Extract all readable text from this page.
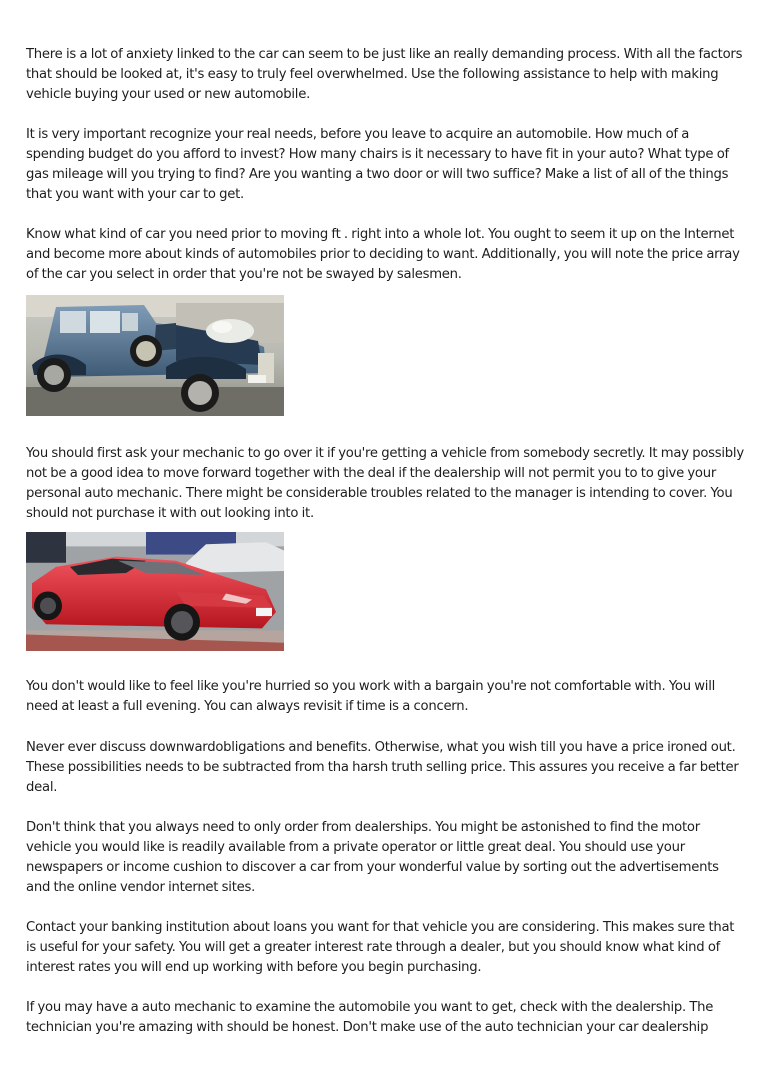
There is a lot of anxiety linked to the car can seem to be just like an really demanding process. With all the factors that should be looked at, it's easy to truly feel overwhelmed. Use the following assistance to help with making vehicle buying your used or new automobile.

It is very important recognize your real needs, before you leave to acquire an automobile. How much of a spending budget do you afford to invest? How many chairs is it necessary to have fit in your auto? What type of gas mileage will you trying to find? Are you wanting a two door or will two suffice? Make a list of all of the things that you want with your car to get.

Know what kind of car you need prior to moving ft . right into a whole lot. You ought to seem it up on the Internet and become more about kinds of automobiles prior to deciding to want. Additionally, you will note the price array of the car you select in order that you're not be swayed by salesmen.

You should first ask your mechanic to go over it if you're getting a vehicle from somebody secretly. It may possibly not be a good idea to move forward together with the deal if the dealership will not permit you to to give your personal auto mechanic. There might be considerable troubles related to the manager is intending to cover. You should not purchase it with out looking into it.

You don't would like to feel like you're hurried so you work with a bargain you're not comfortable with. You will need at least a full evening. You can always revisit if time is a concern.

Never ever discuss downwardobligations and benefits. Otherwise, what you wish till you have a price ironed out. These possibilities needs to be subtracted from tha harsh truth selling price. This assures you receive a far better deal.

Don't think that you always need to only order from dealerships. You might be astonished to find the motor vehicle you would like is readily available from a private operator or little great deal. You should use your newspapers or income cushion to discover a car from your wonderful value by sorting out the advertisements and the online vendor internet sites.

Contact your banking institution about loans you want for that vehicle you are considering. This makes sure that is useful for your safety. You will get a greater interest rate through a dealer, but you should know what kind of interest rates you will end up working with before you begin purchasing.

If you may have a auto mechanic to examine the automobile you want to get, check with the dealership. The technician you're amazing with should be honest. Don't make use of the auto technician your car dealership
